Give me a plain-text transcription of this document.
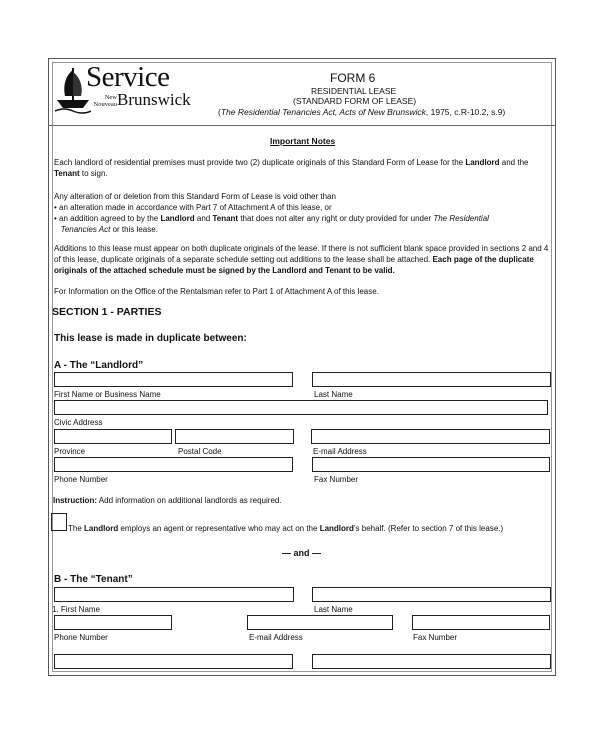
Service
New
Nouveau Brunswick
FORM 6
RESIDENTIAL LEASE
(STANDARD FORM OF LEASE)
(The Residential Tenancies Act, Acts of New Brunswick, 1975, c.R-10.2, s.9)
Important Notes
Each landlord of residential premises must provide two (2) duplicate originals of this Standard Form of Lease for the Landlord and the
Tenant to sign.
Any alteration of or deletion from this Standard Form of Lease is void other than
• an alteration made in accordance with Part 7 of Attachment A of this lease, or
• an addition agreed to by the Landlord and Tenant that does not alter any right or duty provided for under The Residential
Tenancies Act or this lease.
Additions to this lease must appear on both duplicate originals of the lease. If there is not sufficient blank space provided in sections 2 and 4 of this lease, duplicate originals of a separate schedule setting out additions to the lease shall be attached. Each page of the duplicate originals of the attached schedule must be signed by the Landlord and Tenant to be valid.
For Information on the Office of the Rentalsman refer to Part 1 of Attachment A of this lease.
SECTION 1 - PARTIES
This lease is made in duplicate between:
A - The “Landlord”
First Name or Business Name	Last Name
Civic Address
Province	Postal Code	E-mail Address
Phone Number	Fax Number
Instruction: Add information on additional landlords as required.
The Landlord employs an agent or representative who may act on the Landlord’s behalf. (Refer to section 7 of this lease.)
— and —
B - The “Tenant”
1. First Name	Last Name
Phone Number	E-mail Address	Fax Number
